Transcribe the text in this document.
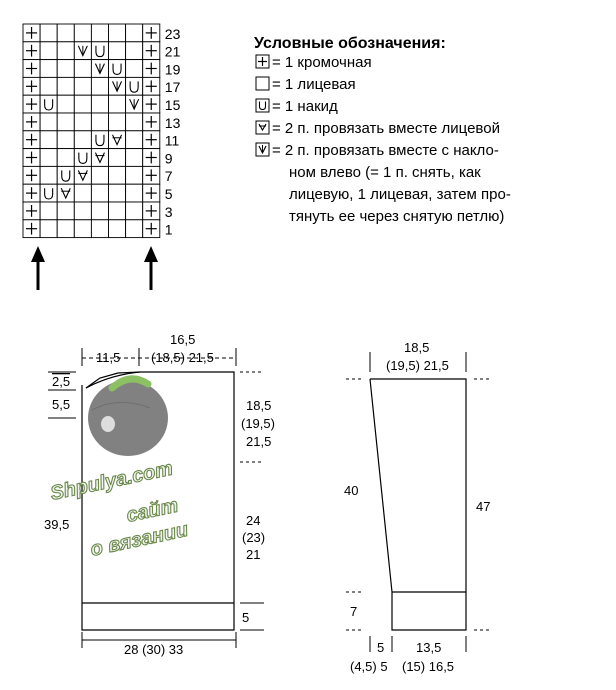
23
21
19
17
15
13
11
9
7
5
3
1
Условные обозначения:
= 1 кромочная
= 1 лицевая
= 1 накид
= 2 п. провязать вместе лицевой
= 2 п. провязать вместе с накло-
ном влево (= 1 п. снять, как
лицевую, 1 лицевая, затем про-
тянуть ее через снятую петлю)
Shpulya.com
сайт
о вязании
11,5
16,5
(18,5) 21,5
2,5
5,5	18,5
(19,5)
21,5
39,5	24
(23)
21
5
28 (30) 33
18,5
(19,5) 21,5
40
47
7
5
(4,5) 5
13,5
(15) 16,5
